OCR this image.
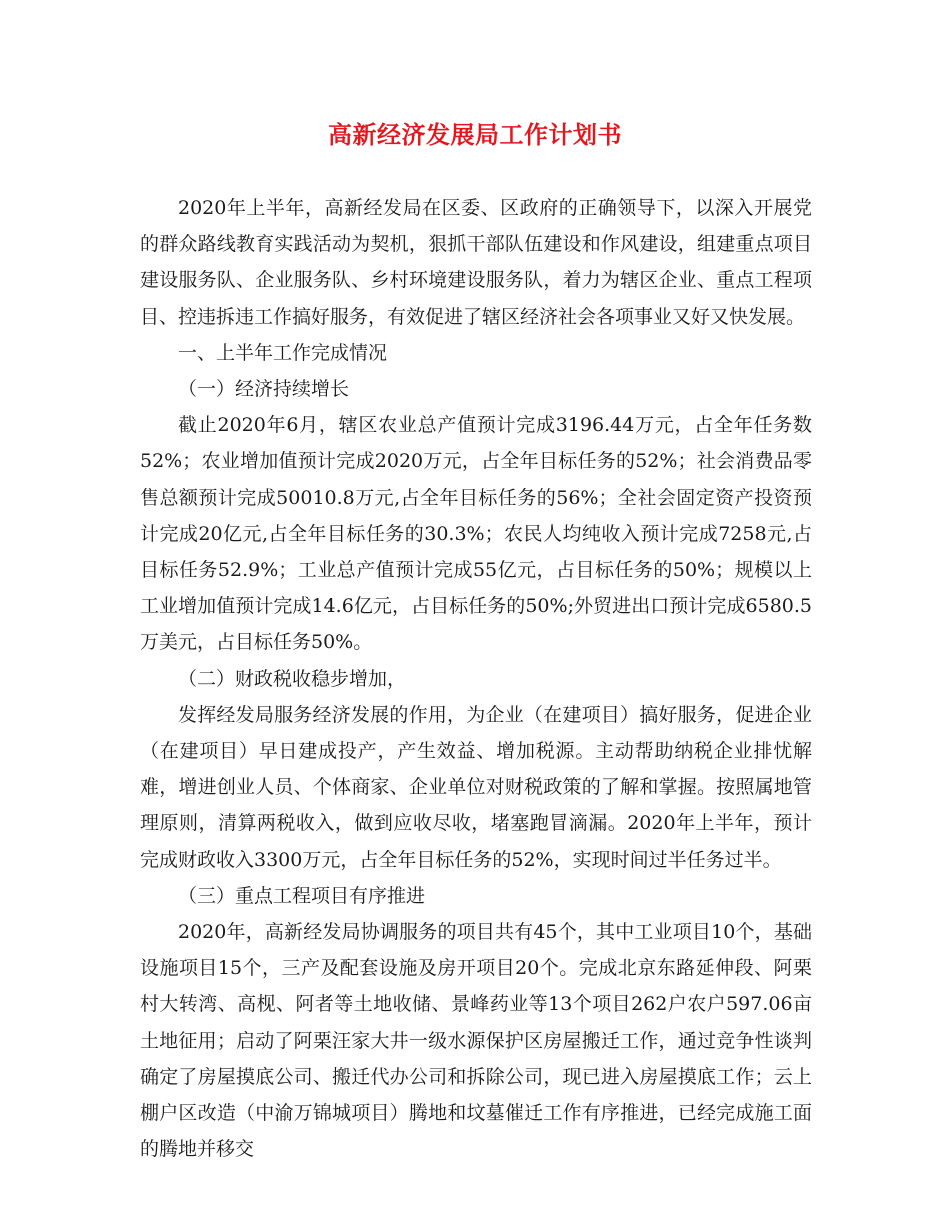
高新经济发展局工作计划书

2020年上半年，高新经发局在区委、区政府的正确领导下，以深入开展党的群众路线教育实践活动为契机，狠抓干部队伍建设和作风建设，组建重点项目建设服务队、企业服务队、乡村环境建设服务队，着力为辖区企业、重点工程项目、控违拆违工作搞好服务，有效促进了辖区经济社会各项事业又好又快发展。

一、上半年工作完成情况

（一）经济持续增长

截止2020年6月，辖区农业总产值预计完成3196.44万元，占全年任务数52%；农业增加值预计完成2020万元，占全年目标任务的52%；社会消费品零售总额预计完成50010.8万元,占全年目标任务的56%；全社会固定资产投资预计完成20亿元,占全年目标任务的30.3%；农民人均纯收入预计完成7258元,占目标任务52.9%；工业总产值预计完成55亿元，占目标任务的50%；规模以上工业增加值预计完成14.6亿元，占目标任务的50%;外贸进出口预计完成6580.5万美元，占目标任务50%。

（二）财政税收稳步增加，

发挥经发局服务经济发展的作用，为企业（在建项目）搞好服务，促进企业（在建项目）早日建成投产，产生效益、增加税源。主动帮助纳税企业排忧解难，增进创业人员、个体商家、企业单位对财税政策的了解和掌握。按照属地管理原则，清算两税收入，做到应收尽收，堵塞跑冒滴漏。2020年上半年，预计完成财政收入3300万元，占全年目标任务的52%，实现时间过半任务过半。

（三）重点工程项目有序推进

2020年，高新经发局协调服务的项目共有45个，其中工业项目10个，基础设施项目15个，三产及配套设施及房开项目20个。完成北京东路延伸段、阿栗村大转湾、高枧、阿者等土地收储、景峰药业等13个项目262户农户597.06亩土地征用；启动了阿栗汪家大井一级水源保护区房屋搬迁工作，通过竞争性谈判确定了房屋摸底公司、搬迁代办公司和拆除公司，现已进入房屋摸底工作；云上棚户区改造（中渝万锦城项目）腾地和坟墓催迁工作有序推进，已经完成施工面的腾地并移交
